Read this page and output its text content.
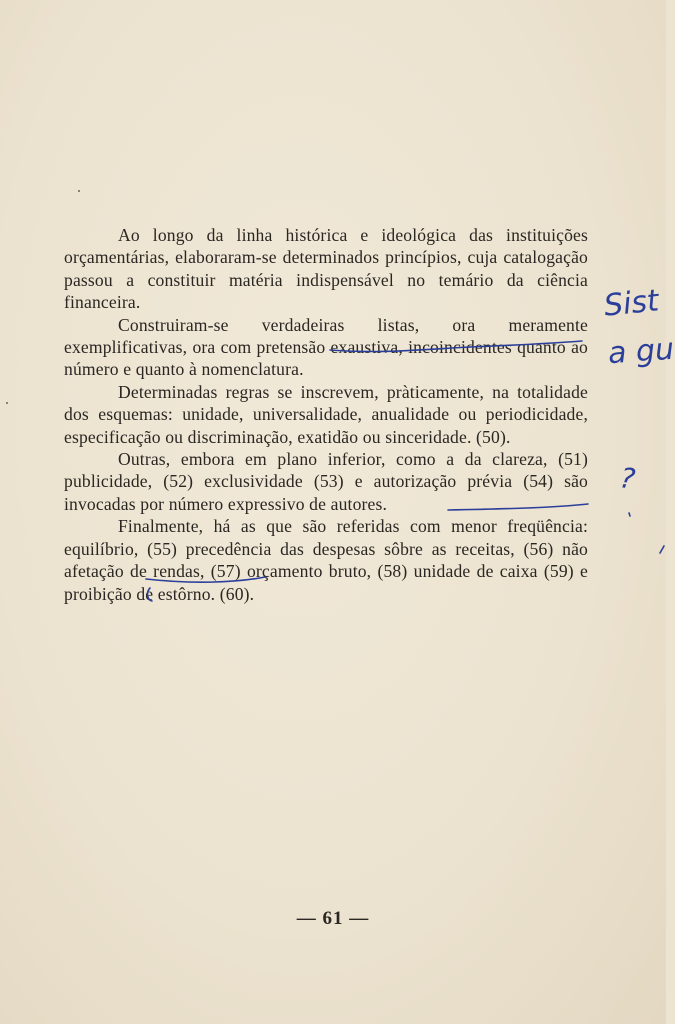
Ao longo da linha histórica e ideológica das instituições orçamentárias, elaboraram-se determinados princípios, cuja catalogação passou a constituir matéria indispensável no temário da ciência financeira.

Construiram-se verdadeiras listas, ora meramente exemplificativas, ora com pretensão exaustiva, incoincidentes quanto ao número e quanto à nomenclatura.

Determinadas regras se inscrevem, pràticamente, na totalidade dos esquemas: unidade, universalidade, anualidade ou periodicidade, especificação ou discriminação, exatidão ou sinceridade. (50).

Outras, embora em plano inferior, como a da clareza, (51) publicidade, (52) exclusividade (53) e autorização prévia (54) são invocadas por número expressivo de autores.

Finalmente, há as que são referidas com menor freqüência: equilíbrio, (55) precedência das despesas sôbre as receitas, (56) não afetação de rendas, (57) orçamento bruto, (58) unidade de caixa (59) e proibição de estôrno. (60).

— 61 —
Sist
a gu
?
